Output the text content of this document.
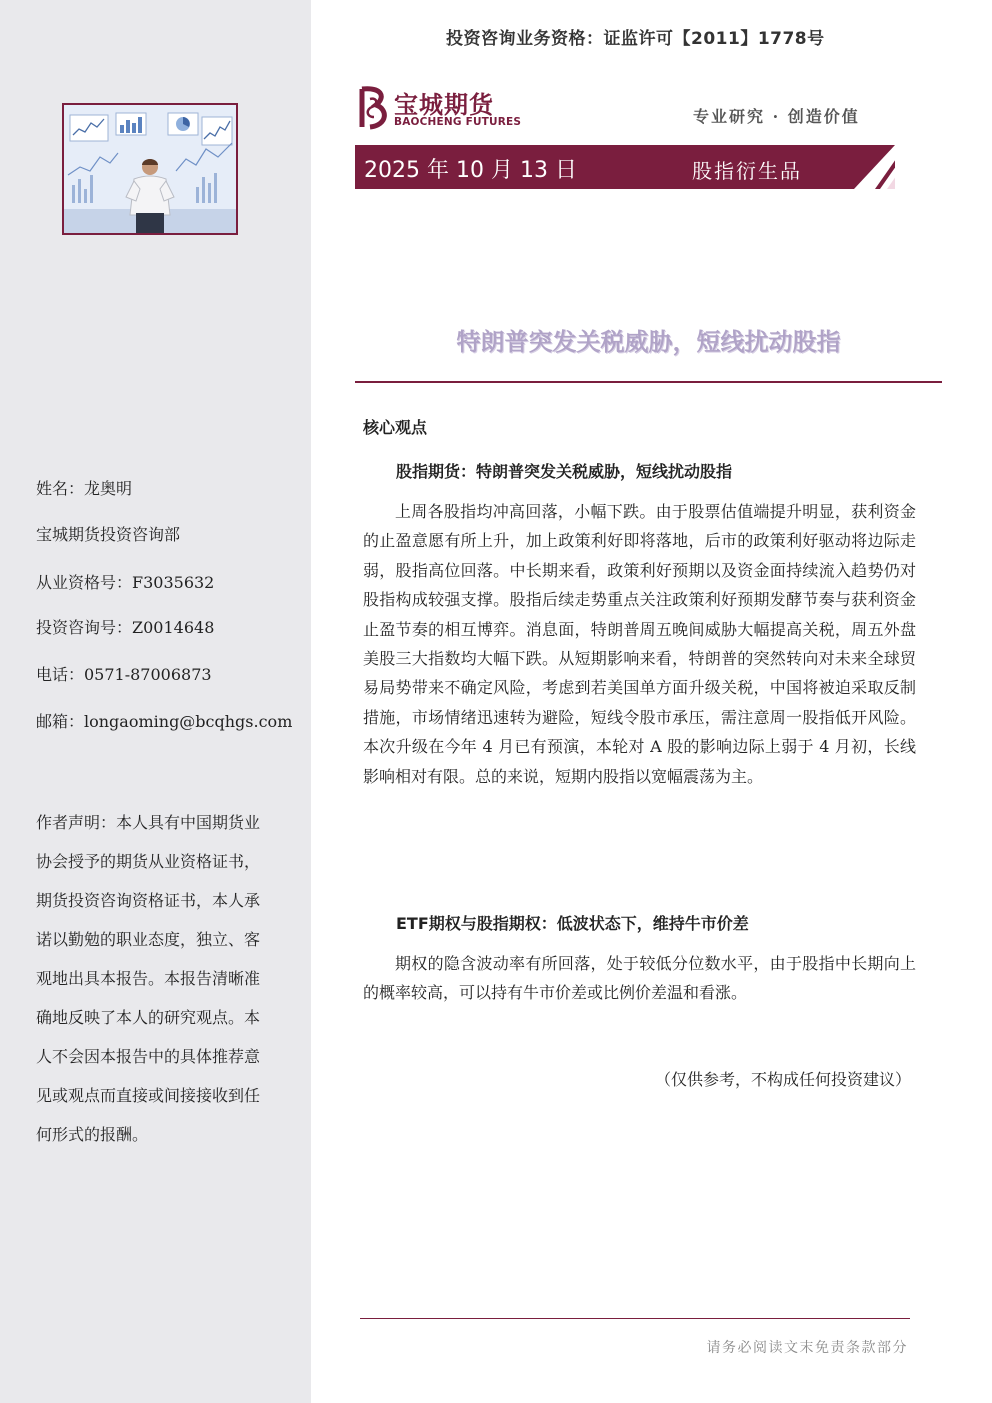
姓名：龙奥明
宝城期货投资咨询部
从业资格号：F3035632
投资咨询号：Z0014648
电话：0571-87006873
邮箱：longaoming@bcqhgs.com
作者声明：本人具有中国期货业协会授予的期货从业资格证书，期货投资咨询资格证书，本人承诺以勤勉的职业态度，独立、客观地出具本报告。本报告清晰准确地反映了本人的研究观点。本人不会因本报告中的具体推荐意见或观点而直接或间接接收到任何形式的报酬。
投资咨询业务资格：证监许可【2011】1778号
宝城期货
BAOCHENG FUTURES	专业研究 · 创造价值
2025 年 10 月 13 日	股指衍生品
特朗普突发关税威胁，短线扰动股指
核心观点
股指期货：特朗普突发关税威胁，短线扰动股指
上周各股指均冲高回落，小幅下跌。由于股票估值端提升明显，获利资金的止盈意愿有所上升，加上政策利好即将落地，后市的政策利好驱动将边际走弱，股指高位回落。中长期来看，政策利好预期以及资金面持续流入趋势仍对股指构成较强支撑。股指后续走势重点关注政策利好预期发酵节奏与获利资金止盈节奏的相互博弈。消息面，特朗普周五晚间威胁大幅提高关税，周五外盘美股三大指数均大幅下跌。从短期影响来看，特朗普的突然转向对未来全球贸易局势带来不确定风险，考虑到若美国单方面升级关税，中国将被迫采取反制措施，市场情绪迅速转为避险，短线令股市承压，需注意周一股指低开风险。本次升级在今年 4 月已有预演，本轮对 A 股的影响边际上弱于 4 月初，长线影响相对有限。总的来说，短期内股指以宽幅震荡为主。
ETF期权与股指期权：低波状态下，维持牛市价差
期权的隐含波动率有所回落，处于较低分位数水平，由于股指中长期向上的概率较高，可以持有牛市价差或比例价差温和看涨。
（仅供参考，不构成任何投资建议）
请务必阅读文末免责条款部分
